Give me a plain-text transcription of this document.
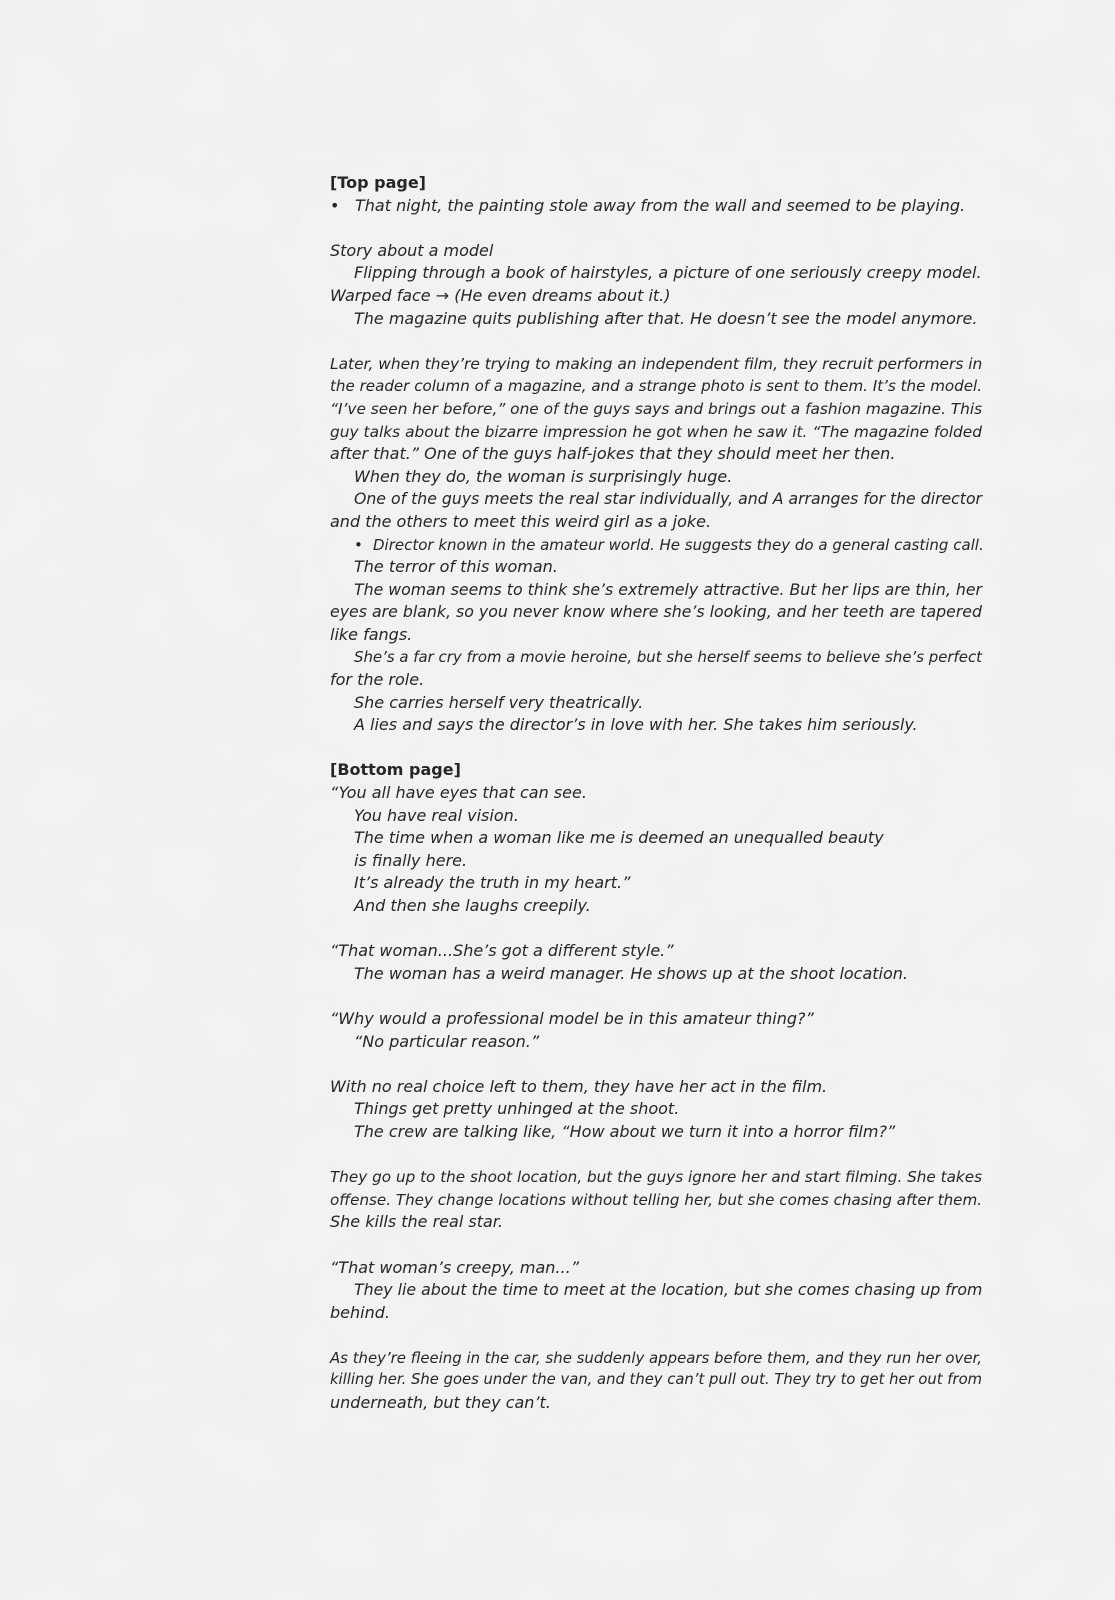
[Top page]
• That night, the painting stole away from the wall and seemed to be playing.
Story about a model
Flipping through a book of hairstyles, a picture of one seriously creepy model.
Warped face → (He even dreams about it.)
The magazine quits publishing after that. He doesn’t see the model anymore.
Later, when they’re trying to making an independent film, they recruit performers in
the reader column of a magazine, and a strange photo is sent to them. It’s the model.
“I’ve seen her before,” one of the guys says and brings out a fashion magazine. This
guy talks about the bizarre impression he got when he saw it. “The magazine folded
after that.” One of the guys half-jokes that they should meet her then.
When they do, the woman is surprisingly huge.
One of the guys meets the real star individually, and A arranges for the director
and the others to meet this weird girl as a joke.
• Director known in the amateur world. He suggests they do a general casting call.
The terror of this woman.
The woman seems to think she’s extremely attractive. But her lips are thin, her
eyes are blank, so you never know where she’s looking, and her teeth are tapered
like fangs.
She’s a far cry from a movie heroine, but she herself seems to believe she’s perfect
for the role.
She carries herself very theatrically.
A lies and says the director’s in love with her. She takes him seriously.
[Bottom page]
“You all have eyes that can see.
You have real vision.
The time when a woman like me is deemed an unequalled beauty
is finally here.
It’s already the truth in my heart.”
And then she laughs creepily.
“That woman...She’s got a different style.”
The woman has a weird manager. He shows up at the shoot location.
“Why would a professional model be in this amateur thing?”
“No particular reason.”
With no real choice left to them, they have her act in the film.
Things get pretty unhinged at the shoot.
The crew are talking like, “How about we turn it into a horror film?”
They go up to the shoot location, but the guys ignore her and start filming. She takes
offense. They change locations without telling her, but she comes chasing after them.
She kills the real star.
“That woman’s creepy, man...”
They lie about the time to meet at the location, but she comes chasing up from
behind.
As they’re fleeing in the car, she suddenly appears before them, and they run her over,
killing her. She goes under the van, and they can’t pull out. They try to get her out from
underneath, but they can’t.
